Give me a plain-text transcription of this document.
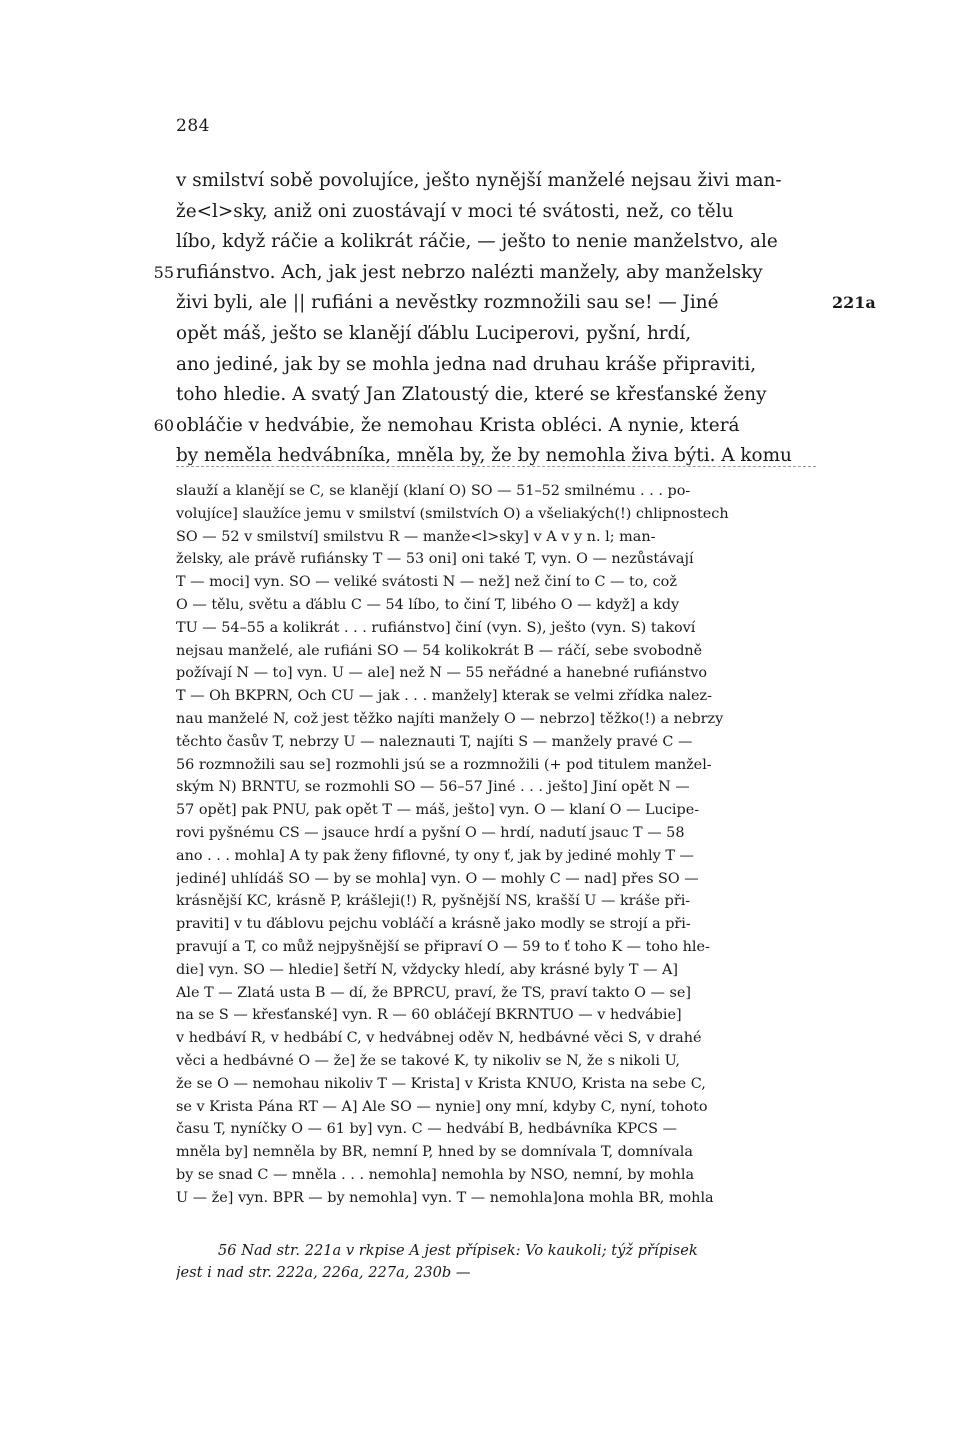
284
v smilství sobě povolujíce, ješto nynější manželé nejsau živi man-
že<l>sky, aniž oni zuostávají v moci té svátosti, než, co tělu
líbo, když ráčie a kolikrát ráčie, — ješto to nenie manželstvo, ale
55 rufiánstvo. Ach, jak jest nebrzo nalézti manžely, aby manželsky
živi byli, ale || rufiáni a nevěstky rozmnožili sau se! — Jiné	221a
opět máš, ješto se klanějí ďáblu Luciperovi, pyšní, hrdí,
ano jediné, jak by se mohla jedna nad druhau kráše připraviti,
toho hledie. A svatý Jan Zlatoustý die, které se křesťanské ženy
60 obláčie v hedvábie, že nemohau Krista obléci. A nynie, která
by neměla hedvábníka, mněla by, že by nemohla živa býti. A komu
slauží a klanějí se C, se klanějí (klaní O) SO — 51–52 smilnému . . . po-
volujíce] slaužíce jemu v smilství (smilstvích O) a všeliakých(!) chlipnostech
SO — 52 v smilství] smilstvu R — manže<l>sky] v A v y n. l; man-
želsky, ale právě rufiánsky T — 53 oni] oni také T, vyn. O — nezůstávají
T — moci] vyn. SO — veliké svátosti N — než] než činí to C — to, což
O — tělu, světu a ďáblu C — 54 líbo, to činí T, libého O — když] a kdy
TU — 54–55 a kolikrát . . . rufiánstvo] činí (vyn. S), ješto (vyn. S) takoví
nejsau manželé, ale rufiáni SO — 54 kolikokrát B — ráčí, sebe svobodně
požívají N — to] vyn. U — ale] než N — 55 neřádné a hanebné rufiánstvo
T — Oh BKPRN, Och CU — jak . . . manžely] kterak se velmi zřídka nalez-
nau manželé N, což jest těžko najíti manžely O — nebrzo] těžko(!) a nebrzy
těchto časův T, nebrzy U — naleznauti T, najíti S — manžely pravé C —
56 rozmnožili sau se] rozmohli jsú se a rozmnožili (+ pod titulem manžel-
ským N) BRNTU, se rozmohli SO — 56–57 Jiné . . . ješto] Jiní opět N —
57 opět] pak PNU, pak opět T — máš, ješto] vyn. O — klaní O — Lucipe-
rovi pyšnému CS — jsauce hrdí a pyšní O — hrdí, nadutí jsauc T — 58
ano . . . mohla] A ty pak ženy fiflovné, ty ony ť, jak by jediné mohly T —
jediné] uhlídáš SO — by se mohla] vyn. O — mohly C — nad] přes SO —
krásnější KC, krásně P, krášleji(!) R, pyšnější NS, krašší U — kráše při-
praviti] v tu ďáblovu pejchu vobláčí a krásně jako modly se strojí a při-
pravují a T, co můž nejpyšnější se připraví O — 59 to ť toho K — toho hle-
die] vyn. SO — hledie] šetří N, vždycky hledí, aby krásné byly T — A]
Ale T — Zlatá usta B — dí, že BPRCU, praví, že TS, praví takto O — se]
na se S — křesťanské] vyn. R — 60 obláčejí BKRNTUO — v hedvábie]
v hedbáví R, v hedbábí C, v hedvábnej oděv N, hedbávné věci S, v drahé
věci a hedbávné O — že] že se takové K, ty nikoliv se N, že s nikoli U,
že se O — nemohau nikoliv T — Krista] v Krista KNUO, Krista na sebe C,
se v Krista Pána RT — A] Ale SO — nynie] ony mní, kdyby C, nyní, tohoto
času T, nyníčky O — 61 by] vyn. C — hedvábí B, hedbávníka KPCS —
mněla by] nemněla by BR, nemní P, hned by se domnívala T, domnívala
by se snad C — mněla . . . nemohla] nemohla by NSO, nemní, by mohla
U — že] vyn. BPR — by nemohla] vyn. T — nemohla]ona mohla BR, mohla
56 Nad str. 221a v rkpise A jest přípisek: Vo kaukoli; týž přípisek
jest i nad str. 222a, 226a, 227a, 230b —
